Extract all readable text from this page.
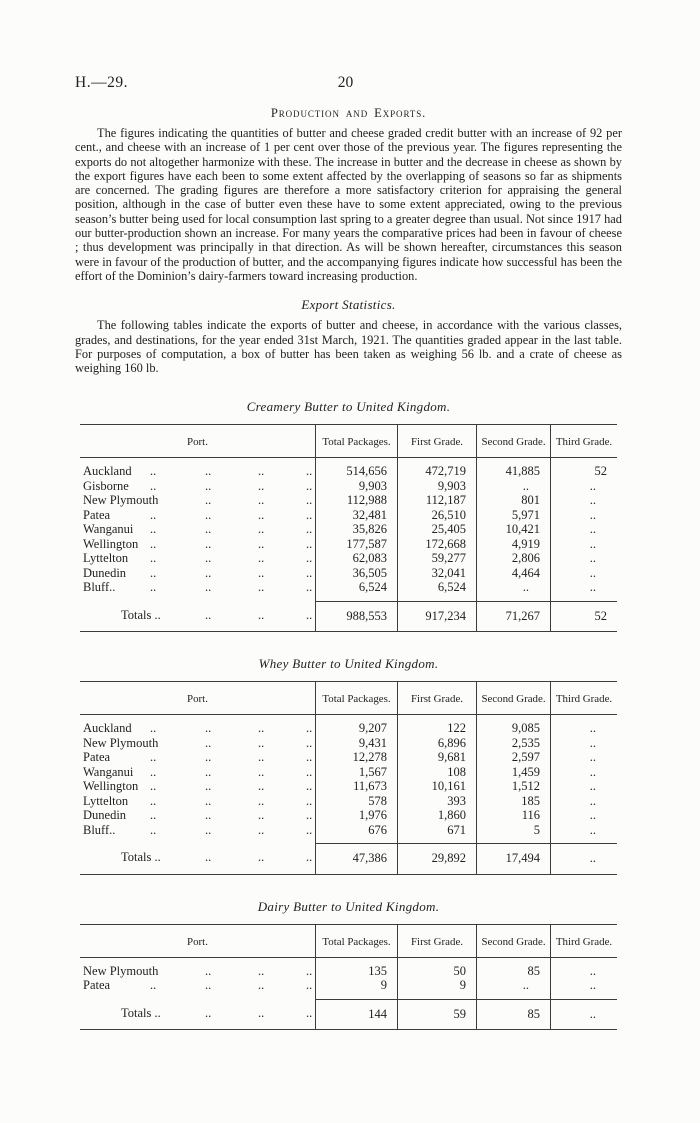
H.—29.	20
Production and Exports.

The figures indicating the quantities of butter and cheese graded credit butter with an increase of 92 per cent., and cheese with an increase of 1 per cent over those of the previous year. The figures representing the exports do not altogether harmonize with these. The increase in butter and the decrease in cheese as shown by the export figures have each been to some extent affected by the overlapping of seasons so far as shipments are concerned. The grading figures are therefore a more satisfactory criterion for appraising the general position, although in the case of butter even these have to some extent appreciated, owing to the previous season’s butter being used for local consumption last spring to a greater degree than usual. Not since 1917 had our butter-production shown an increase. For many years the comparative prices had been in favour of cheese ; thus development was principally in that direction. As will be shown hereafter, circumstances this season were in favour of the production of butter, and the accompanying figures indicate how successful has been the effort of the Dominion’s dairy-farmers toward increasing production.

Export Statistics.

The following tables indicate the exports of butter and cheese, in accordance with the various classes, grades, and destinations, for the year ended 31st March, 1921. The quantities graded appear in the last table. For purposes of computation, a box of butter has been taken as weighing 56 lb. and a crate of cheese as weighing 160 lb.

Creamery Butter to United Kingdom.
Port.	Total Packages.	First Grade.	Second Grade. Third Grade.
Auckland ..	..	..	..	514,656	472,719	41,885	52
Gisborne ..	..	..	..	9,903	9,903	..	..
New Plymouth	..	..	..	112,988	112,187	801	..
Patea	..	..	..	..	32,481	26,510	5,971	..
Wanganui ..	..	..	..	35,826	25,405	10,421	..
Wellington ..	..	..	..	177,587	172,668	4,919	..
Lyttelton ..	..	..	..	62,083	59,277	2,806	..
Dunedin ..	..	..	..	36,505	32,041	4,464	..
Bluff..	..	..	..	..	6,524	6,524	..	..
Totals ..	..	..	..	988,553	917,234	71,267	52
Whey Butter to United Kingdom.
Port.	Total Packages.	First Grade.	Second Grade. Third Grade.
Auckland ..	..	..	..	9,207	122	9,085	..
New Plymouth	..	..	..	9,431	6,896	2,535	..
Patea	..	..	..	..	12,278	9,681	2,597	..
Wanganui ..	..	..	..	1,567	108	1,459	..
Wellington ..	..	..	..	11,673	10,161	1,512	..
Lyttelton ..	..	..	..	578	393	185	..
Dunedin ..	..	..	..	1,976	1,860	116	..
Bluff..	..	..	..	..	676	671	5	..
Totals ..	..	..	..	47,386	29,892	17,494	..
Dairy Butter to United Kingdom.
Port.	Total Packages.	First Grade.	Second Grade. Third Grade.
New Plymouth	..	..	..	135	50	85	..
Patea	..	..	..	..	9	9	..	..
Totals ..	..	..	..	144	59	85	..
